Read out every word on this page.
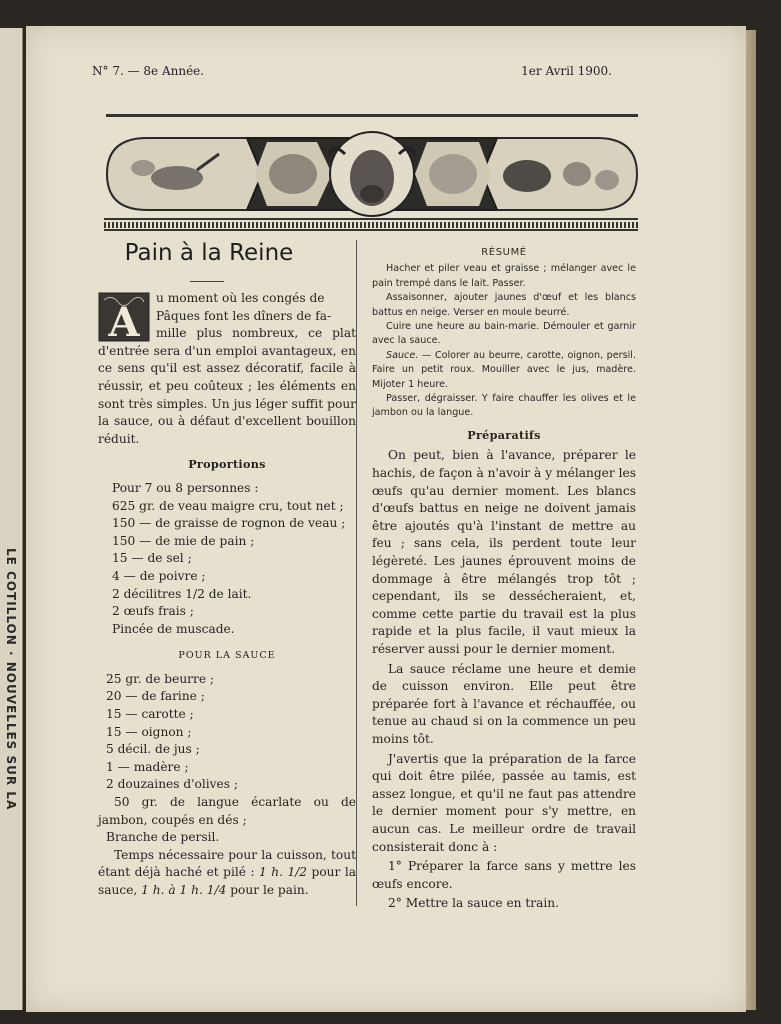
LE COTILLON · NOUVELLES SUR LA
N° 7. — 8e Année.	1er Avril 1900.
Pain à la Reine
A

u moment où les congés de
Pâques font les dîners de fa-
mille plus nombreux, ce plat d'entrée sera d'un emploi avantageux, en ce sens qu'il est assez décoratif, facile à réussir, et peu coûteux ; les éléments en sont très simples. Un jus léger suffit pour la sauce, ou à défaut d'excellent bouillon réduit.

Proportions
Pour 7 ou 8 personnes :
625 gr. de veau maigre cru, tout net ;
150 — de graisse de rognon de veau ;
150 — de mie de pain ;
15 — de sel ;
4 — de poivre ;
2 décilitres 1/2 de lait.
2 œufs frais ;
Pincée de muscade.
POUR LA SAUCE
25 gr. de beurre ;
20 — de farine ;
15 — carotte ;
15 — oignon ;
5 décil. de jus ;
1 — madère ;
2 douzaines d'olives ;

50 gr. de langue écarlate ou de jambon, coupés en dés ;

Branche de persil.

Temps nécessaire pour la cuisson, tout étant déjà haché et pilé : 1 h. 1/2 pour la sauce, 1 h. à 1 h. 1/4 pour le pain.

RÉSUMÉ

Hacher et piler veau et graisse ; mélanger avec le pain trempé dans le lait. Passer.

Assaisonner, ajouter jaunes d'œuf et les blancs battus en neige. Verser en moule beurré.

Cuire une heure au bain-marie. Démouler et garnir avec la sauce.

Sauce. — Colorer au beurre, carotte, oignon, persil. Faire un petit roux. Mouiller avec le jus, madère. Mijoter 1 heure.

Passer, dégraisser. Y faire chauffer les olives et le jambon ou la langue.

Préparatifs

On peut, bien à l'avance, préparer le hachis, de façon à n'avoir à y mélanger les œufs qu'au dernier moment. Les blancs d'œufs battus en neige ne doivent jamais être ajoutés qu'à l'instant de mettre au feu ; sans cela, ils perdent toute leur légèreté. Les jaunes éprouvent moins de dommage à être mélangés trop tôt ; cependant, ils se dessécheraient, et, comme cette partie du travail est la plus rapide et la plus facile, il vaut mieux la réserver aussi pour le dernier moment.

La sauce réclame une heure et demie de cuisson environ. Elle peut être préparée fort à l'avance et réchauffée, ou tenue au chaud si on la commence un peu moins tôt.

J'avertis que la préparation de la farce qui doit être pilée, passée au tamis, est assez longue, et qu'il ne faut pas attendre le dernier moment pour s'y mettre, en aucun cas. Le meilleur ordre de travail consisterait donc à :

1° Préparer la farce sans y mettre les œufs encore.

2° Mettre la sauce en train.
